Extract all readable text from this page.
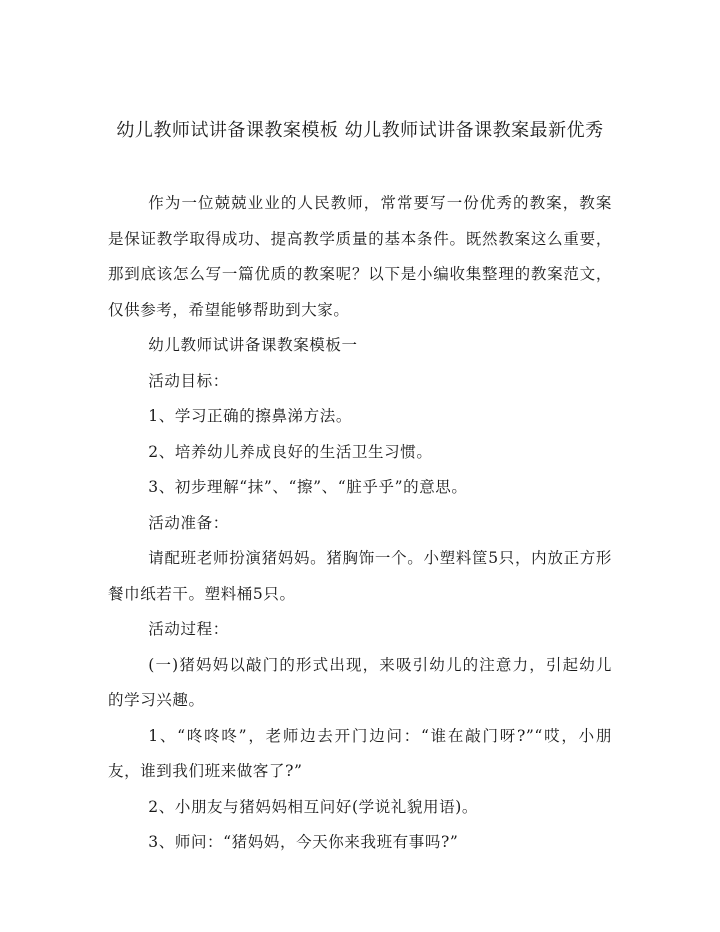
幼儿教师试讲备课教案模板 幼儿教师试讲备课教案最新优秀

作为一位兢兢业业的人民教师，常常要写一份优秀的教案，教案是保证教学取得成功、提高教学质量的基本条件。既然教案这么重要，那到底该怎么写一篇优质的教案呢？以下是小编收集整理的教案范文，仅供参考，希望能够帮助到大家。

幼儿教师试讲备课教案模板一

活动目标：

1、学习正确的擦鼻涕方法。

2、培养幼儿养成良好的生活卫生习惯。

3、初步理解“抹”、“擦”、“脏乎乎”的意思。

活动准备：

请配班老师扮演猪妈妈。猪胸饰一个。小塑料筐5只，内放正方形餐巾纸若干。塑料桶5只。

活动过程：

(一)猪妈妈以敲门的形式出现，来吸引幼儿的注意力，引起幼儿的学习兴趣。

1、“咚咚咚”，老师边去开门边问：“谁在敲门呀?”“哎，小朋友，谁到我们班来做客了?”

2、小朋友与猪妈妈相互问好(学说礼貌用语)。

3、师问：“猪妈妈，今天你来我班有事吗?”
